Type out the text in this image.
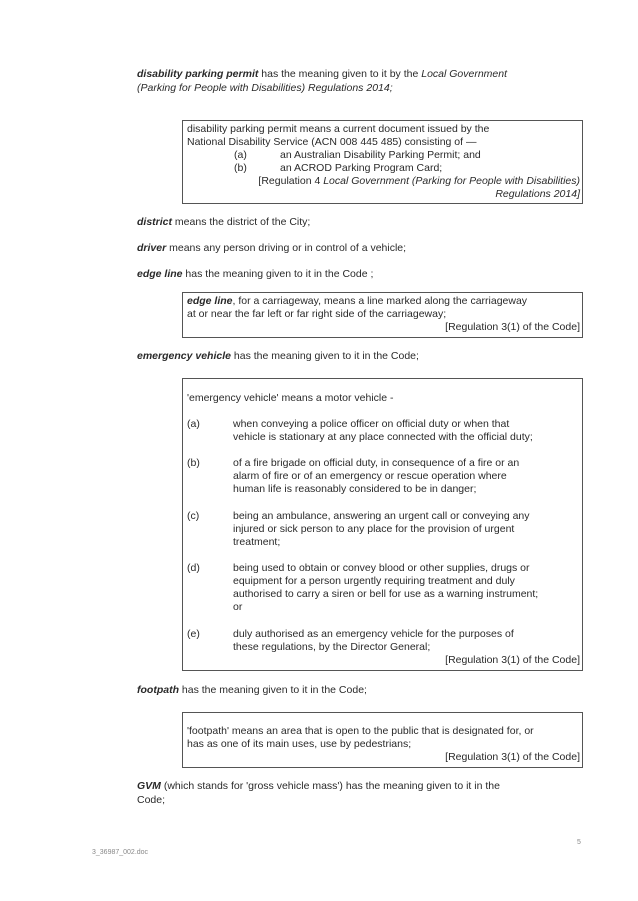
disability parking permit has the meaning given to it by the Local Government
(Parking for People with Disabilities) Regulations 2014;
disability parking permit means a current document issued by the
National Disability Service (ACN 008 445 485) consisting of —
(a)	an Australian Disability Parking Permit; and
(b)	an ACROD Parking Program Card;
[Regulation 4 Local Government (Parking for People with Disabilities)
Regulations 2014]
district means the district of the City;
driver means any person driving or in control of a vehicle;
edge line has the meaning given to it in the Code ;
edge line, for a carriageway, means a line marked along the carriageway
at or near the far left or far right side of the carriageway;
[Regulation 3(1) of the Code]
emergency vehicle has the meaning given to it in the Code;
'emergency vehicle' means a motor vehicle -
(a)	when conveying a police officer on official duty or when that
vehicle is stationary at any place connected with the official duty;
(b)	of a fire brigade on official duty, in consequence of a fire or an
alarm of fire or of an emergency or rescue operation where
human life is reasonably considered to be in danger;
(c)	being an ambulance, answering an urgent call or conveying any
injured or sick person to any place for the provision of urgent
treatment;
(d)	being used to obtain or convey blood or other supplies, drugs or
equipment for a person urgently requiring treatment and duly
authorised to carry a siren or bell for use as a warning instrument;
or
(e)	duly authorised as an emergency vehicle for the purposes of
these regulations, by the Director General;
[Regulation 3(1) of the Code]
footpath has the meaning given to it in the Code;
'footpath' means an area that is open to the public that is designated for, or
has as one of its main uses, use by pedestrians;
[Regulation 3(1) of the Code]
GVM (which stands for 'gross vehicle mass') has the meaning given to it in the
Code;
5
3_36987_002.doc
